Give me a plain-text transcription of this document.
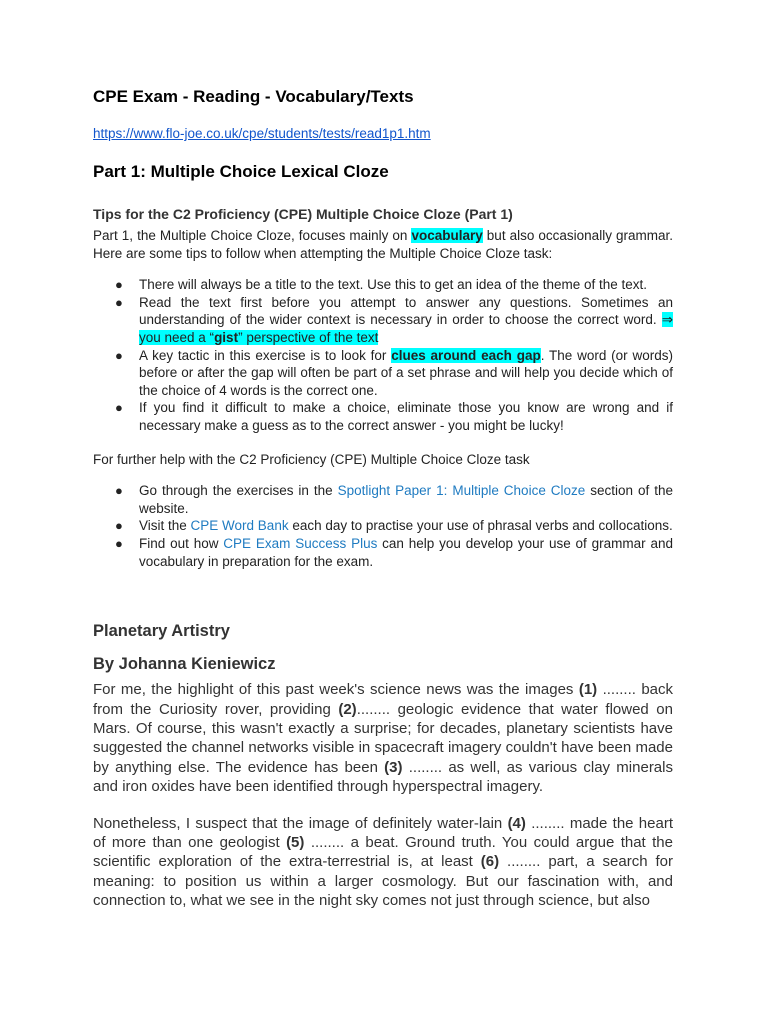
CPE Exam - Reading - Vocabulary/Texts
https://www.flo-joe.co.uk/cpe/students/tests/read1p1.htm
Part 1: Multiple Choice Lexical Cloze
Tips for the C2 Proficiency (CPE) Multiple Choice Cloze (Part 1)

Part 1, the Multiple Choice Cloze, focuses mainly on vocabulary but also occasionally grammar. Here are some tips to follow when attempting the Multiple Choice Cloze task:

● There will always be a title to the text. Use this to get an idea of the theme of the text.
● Read the text first before you attempt to answer any questions. Sometimes an understanding of the wider context is necessary in order to choose the correct word. ⇒ you need a “gist” perspective of the text
● A key tactic in this exercise is to look for clues around each gap. The word (or words) before or after the gap will often be part of a set phrase and will help you decide which of the choice of 4 words is the correct one.
● If you find it difficult to make a choice, eliminate those you know are wrong and if necessary make a guess as to the correct answer - you might be lucky!

For further help with the C2 Proficiency (CPE) Multiple Choice Cloze task

● Go through the exercises in the Spotlight Paper 1: Multiple Choice Cloze section of the website.
● Visit the CPE Word Bank each day to practise your use of phrasal verbs and collocations.
● Find out how CPE Exam Success Plus can help you develop your use of grammar and vocabulary in preparation for the exam.
Planetary Artistry
By Johanna Kieniewicz

For me, the highlight of this past week's science news was the images (1) ........ back from the Curiosity rover, providing (2)........ geologic evidence that water flowed on Mars. Of course, this wasn't exactly a surprise; for decades, planetary scientists have suggested the channel networks visible in spacecraft imagery couldn't have been made by anything else. The evidence has been (3) ........ as well, as various clay minerals and iron oxides have been identified through hyperspectral imagery.

Nonetheless, I suspect that the image of definitely water-lain (4) ........ made the heart of more than one geologist (5) ........ a beat. Ground truth. You could argue that the scientific exploration of the extra-terrestrial is, at least (6) ........ part, a search for meaning: to position us within a larger cosmology. But our fascination with, and connection to, what we see in the night sky comes not just through science, but also
